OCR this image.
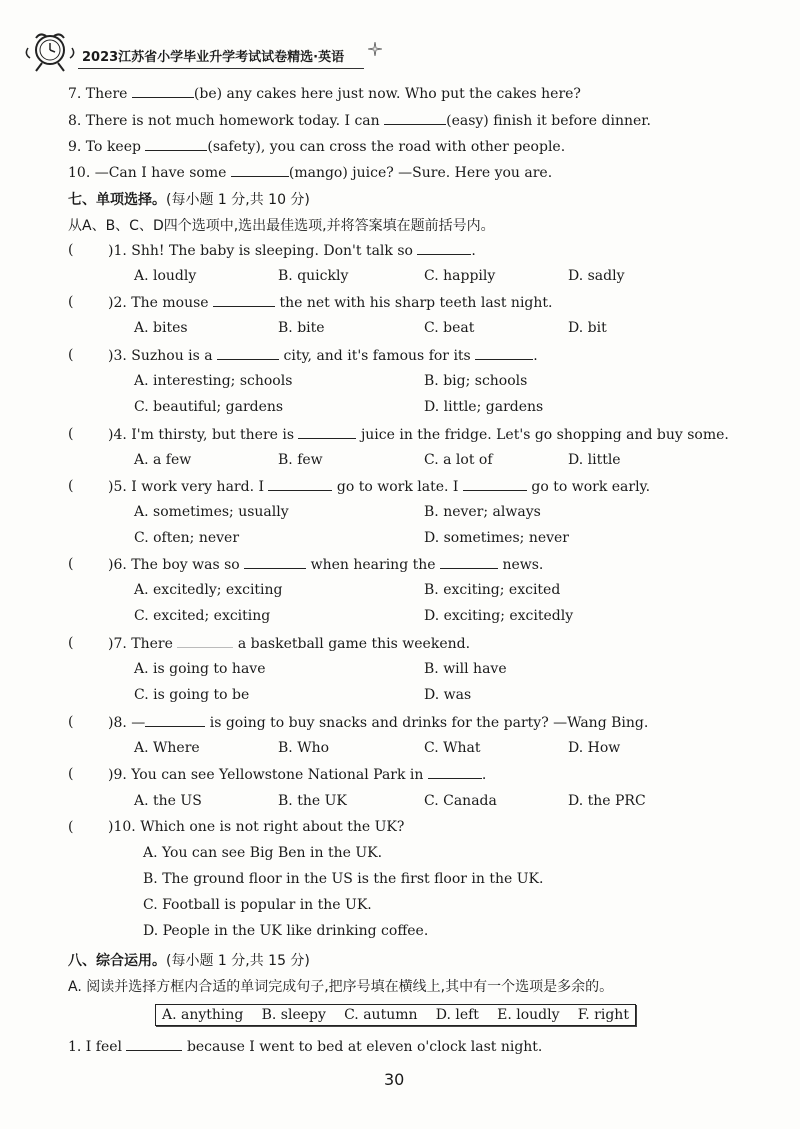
2023江苏省小学毕业升学考试试卷精选·英语
7. There	(be) any cakes here just now. Who put the cakes here?
8. There is not much homework today. I can	(easy) finish it before dinner.
9. To keep	(safety), you can cross the road with other people.
10. —Can I have some	(mango) juice? —Sure. Here you are.
七、单项选择。(每小题 1 分,共 10 分)
从A、B、C、D四个选项中,选出最佳选项,并将答案填在题前括号内。
( )1. Shh! The baby is sleeping. Don't talk so	.
A. loudly	B. quickly	C. happily	D. sadly
( )2. The mouse	the net with his sharp teeth last night.
A. bites	B. bite	C. beat	D. bit
( )3. Suzhou is a	city, and it's famous for its	.
A. interesting; schools	B. big; schools
C. beautiful; gardens	D. little; gardens
( )4. I'm thirsty, but there is	juice in the fridge. Let's go shopping and buy some.
A. a few	B. few	C. a lot of	D. little
( )5. I work very hard. I	go to work late. I	go to work early.
A. sometimes; usually	B. never; always
C. often; never	D. sometimes; never
( )6. The boy was so	when hearing the	news.
A. excitedly; exciting	B. exciting; excited
C. excited; exciting	D. exciting; excitedly
( )7. There	a basketball game this weekend.
A. is going to have	B. will have
C. is going to be	D. was
( )8. —	is going to buy snacks and drinks for the party? —Wang Bing.
A. Where	B. Who	C. What	D. How
( )9. You can see Yellowstone National Park in	.
A. the US	B. the UK	C. Canada	D. the PRC
( )10. Which one is not right about the UK?
A. You can see Big Ben in the UK.
B. The ground floor in the US is the first floor in the UK.
C. Football is popular in the UK.
D. People in the UK like drinking coffee.
八、综合运用。(每小题 1 分,共 15 分)
A. 阅读并选择方框内合适的单词完成句子,把序号填在横线上,其中有一个选项是多余的。
A. anything B. sleepy C. autumn D. left E. loudly F. right
1. I feel	because I went to bed at eleven o'clock last night.
30
